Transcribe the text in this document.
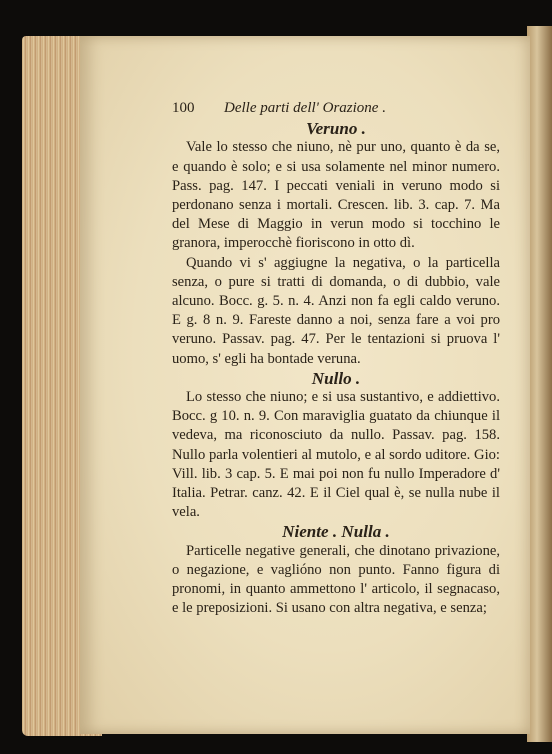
100	Delle parti dell' Orazione .
Veruno .

Vale lo stesso che niuno, nè pur uno, quanto è da se, e quando è solo; e si usa solamente nel minor numero. Pass. pag. 147. I peccati veniali in veruno modo si perdonano senza i mortali. Crescen. lib. 3. cap. 7. Ma del Mese di Maggio in verun modo si tocchino le granora, imperocchè fioriscono in otto dì.

Quando vi s' aggiugne la negativa, o la particella senza, o pure si tratti di domanda, o di dubbio, vale alcuno. Bocc. g. 5. n. 4. Anzi non fa egli caldo veruno. E g. 8 n. 9. Fareste danno a noi, senza fare a voi pro veruno. Passav. pag. 47. Per le tentazioni si pruova l' uomo, s' egli ha bontade veruna.

Nullo .

Lo stesso che niuno; e si usa sustantivo, e addiettivo. Bocc. g 10. n. 9. Con maraviglia guatato da chiunque il vedeva, ma riconosciuto da nullo. Passav. pag. 158. Nullo parla volentieri al mutolo, e al sordo uditore. Gio: Vill. lib. 3 cap. 5. E mai poi non fu nullo Imperadore d' Italia. Petrar. canz. 42. E il Ciel qual è, se nulla nube il vela.

Niente . Nulla .

Particelle negative generali, che dinotano privazione, o negazione, e vaglióno non punto. Fanno figura di pronomi, in quanto ammettono l' articolo, il segnacaso, e le preposizioni. Si usano con altra negativa, e senza;
